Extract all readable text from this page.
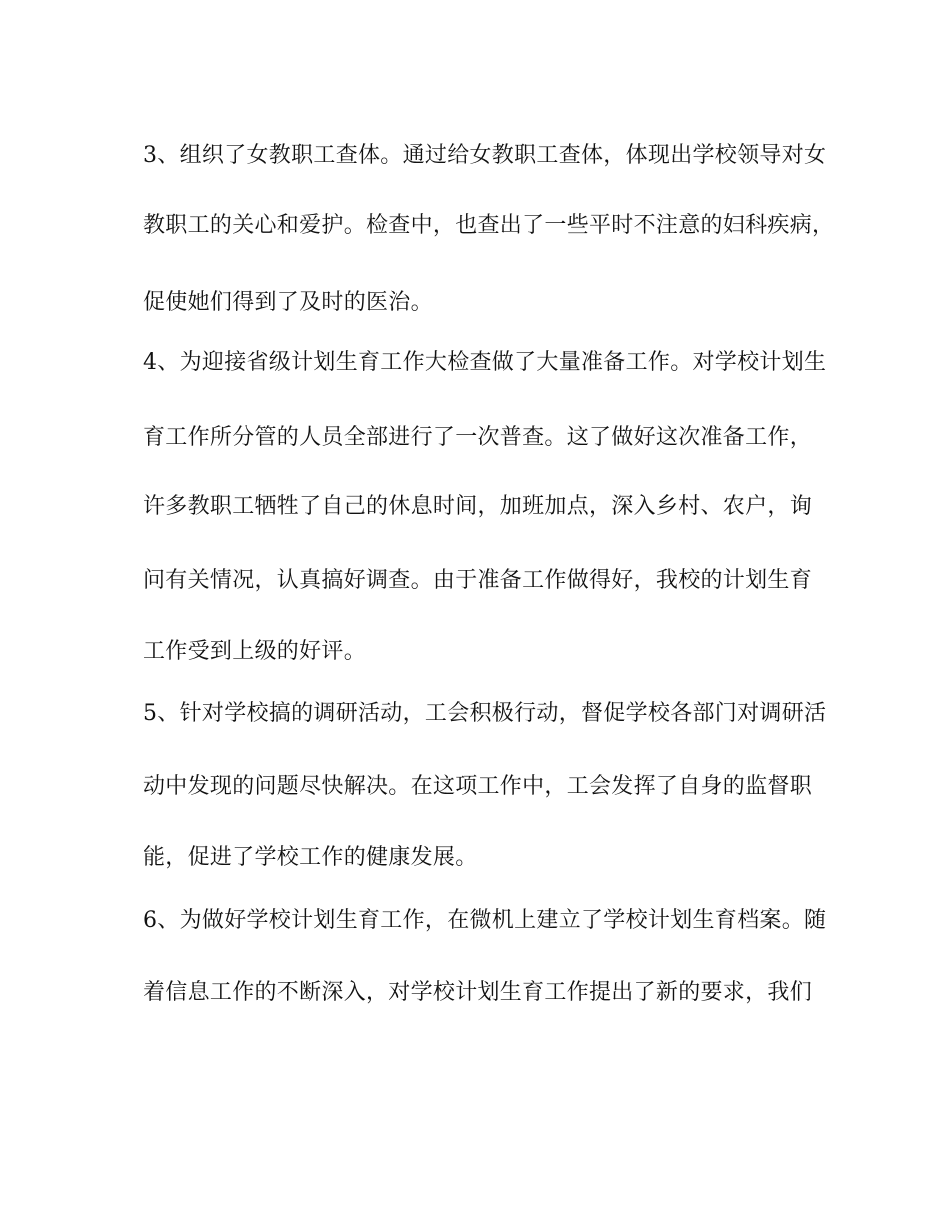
3、组织了女教职工查体。通过给女教职工查体，体现出学校领导对女
教职工的关心和爱护。检查中，也查出了一些平时不注意的妇科疾病，
促使她们得到了及时的医治。
4、为迎接省级计划生育工作大检查做了大量准备工作。对学校计划生
育工作所分管的人员全部进行了一次普查。这了做好这次准备工作，
许多教职工牺牲了自己的休息时间，加班加点，深入乡村、农户，询
问有关情况，认真搞好调查。由于准备工作做得好，我校的计划生育
工作受到上级的好评。
5、针对学校搞的调研活动，工会积极行动，督促学校各部门对调研活
动中发现的问题尽快解决。在这项工作中，工会发挥了自身的监督职
能，促进了学校工作的健康发展。
6、为做好学校计划生育工作，在微机上建立了学校计划生育档案。随
着信息工作的不断深入，对学校计划生育工作提出了新的要求，我们
